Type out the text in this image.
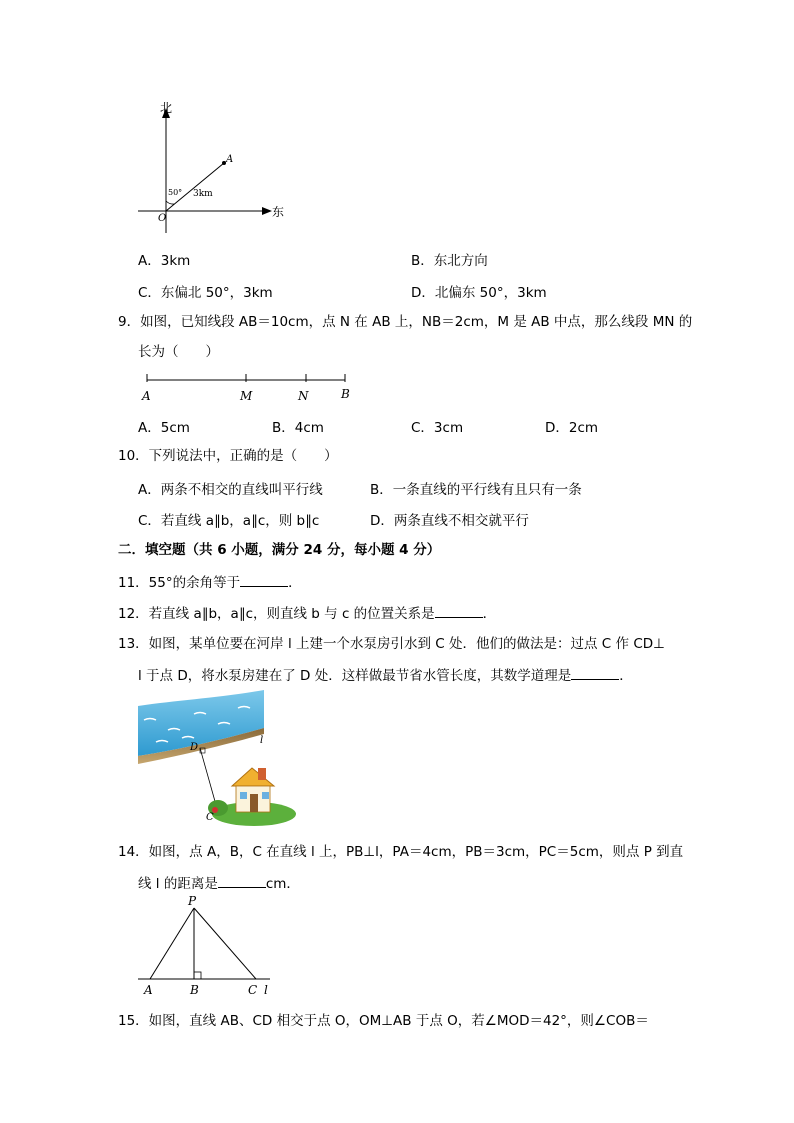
北
东
A
O
50° 3km
A．3km	B．东北方向
C．东偏北 50°，3km	D．北偏东 50°，3km
9．如图，已知线段 AB＝10cm，点 N 在 AB 上，NB＝2cm，M 是 AB 中点，那么线段 MN 的
长为（　　）
A	M	N	B
A．5cm	B．4cm	C．3cm	D．2cm
10．下列说法中，正确的是（　　）
A．两条不相交的直线叫平行线	B．一条直线的平行线有且只有一条
C．若直线 a∥b，a∥c，则 b∥c	D．两条直线不相交就平行
二．填空题（共 6 小题，满分 24 分，每小题 4 分）
11．55°的余角等于	．
12．若直线 a∥b，a∥c，则直线 b 与 c 的位置关系是	．
13．如图，某单位要在河岸 l 上建一个水泵房引水到 C 处．他们的做法是：过点 C 作 CD⊥
l 于点 D，将水泵房建在了 D 处．这样做最节省水管长度，其数学道理是	．
D
l
C
14．如图，点 A，B，C 在直线 l 上，PB⊥l，PA＝4cm，PB＝3cm，PC＝5cm，则点 P 到直
线 l 的距离是	cm．
P
A	B	C l
15．如图，直线 AB、CD 相交于点 O，OM⊥AB 于点 O，若∠MOD＝42°，则∠COB＝
